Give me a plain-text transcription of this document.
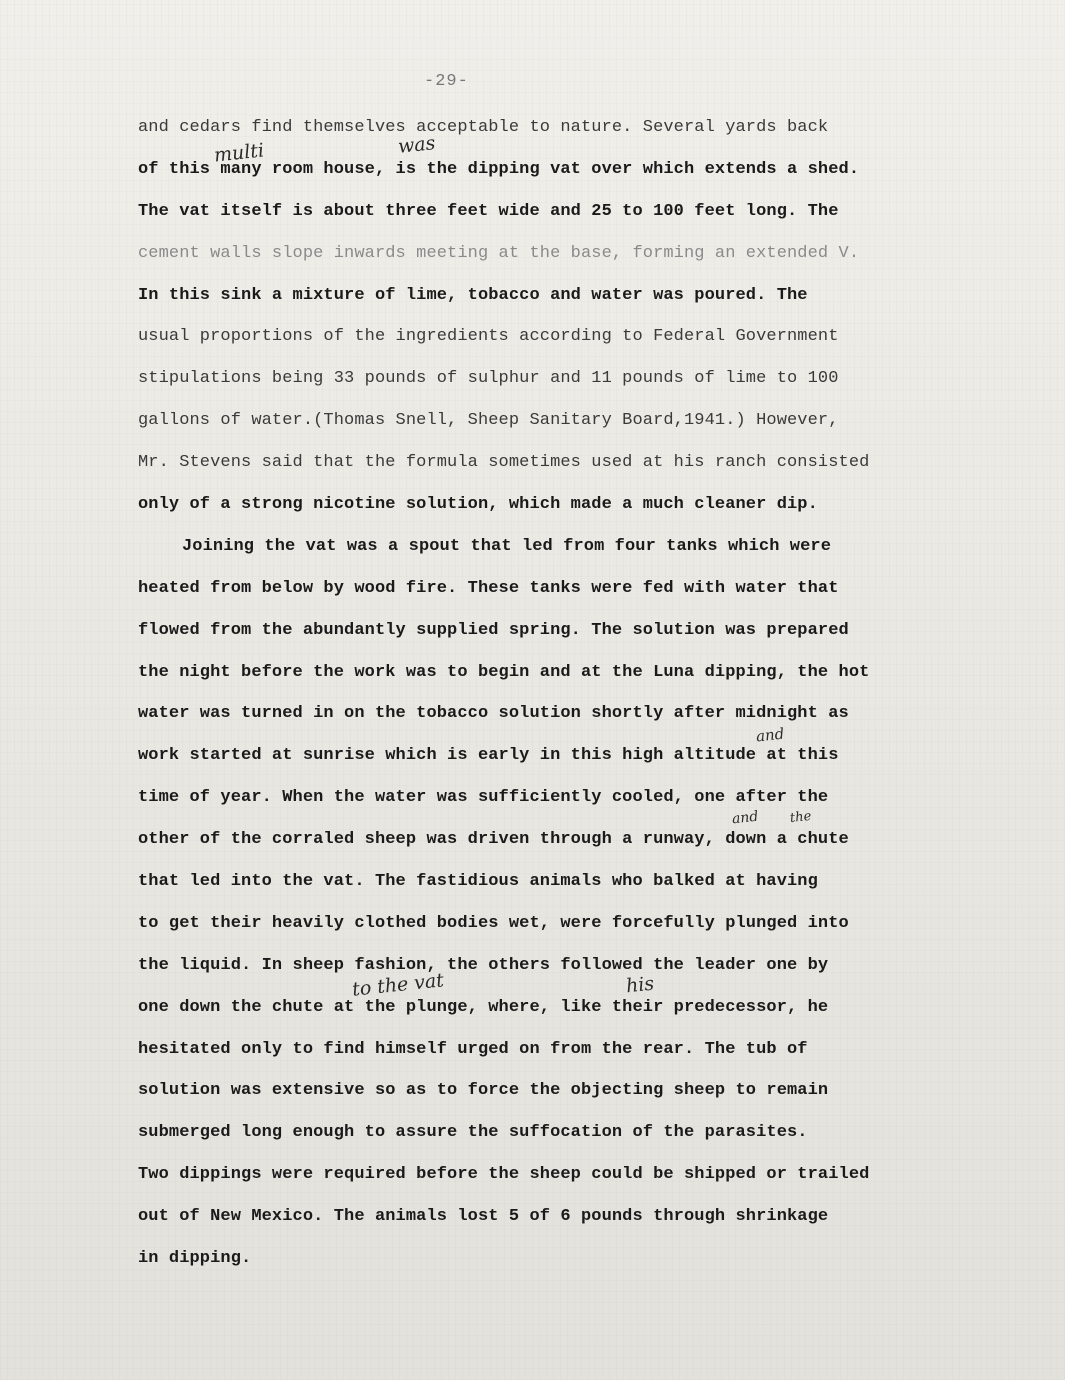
-29-
and cedars find themselves acceptable to nature. Several yards back
of this many room house, is the dipping vat over which extends a shed.
The vat itself is about three feet wide and 25 to 100 feet long. The
cement walls slope inwards meeting at the base, forming an extended V.
In this sink a mixture of lime, tobacco and water was poured. The
usual proportions of the ingredients according to Federal Government
stipulations being 33 pounds of sulphur and 11 pounds of lime to 100
gallons of water.(Thomas Snell, Sheep Sanitary Board,1941.) However,
Mr. Stevens said that the formula sometimes used at his ranch consisted
only of a strong nicotine solution, which made a much cleaner dip.
Joining the vat was a spout that led from four tanks which were
heated from below by wood fire. These tanks were fed with water that
flowed from the abundantly supplied spring. The solution was prepared
the night before the work was to begin and at the Luna dipping, the hot
water was turned in on the tobacco solution shortly after midnight as
work started at sunrise which is early in this high altitude at this
time of year. When the water was sufficiently cooled, one after the
other of the corraled sheep was driven through a runway, down a chute
that led into the vat. The fastidious animals who balked at having
to get their heavily clothed bodies wet, were forcefully plunged into
the liquid. In sheep fashion, the others followed the leader one by
one down the chute at the plunge, where, like their predecessor, he
hesitated only to find himself urged on from the rear. The tub of
solution was extensive so as to force the objecting sheep to remain
submerged long enough to assure the suffocation of the parasites.
Two dippings were required before the sheep could be shipped or trailed
out of New Mexico. The animals lost 5 of 6 pounds through shrinkage
in dipping.
multi	was
and
and the
to the vat	his
